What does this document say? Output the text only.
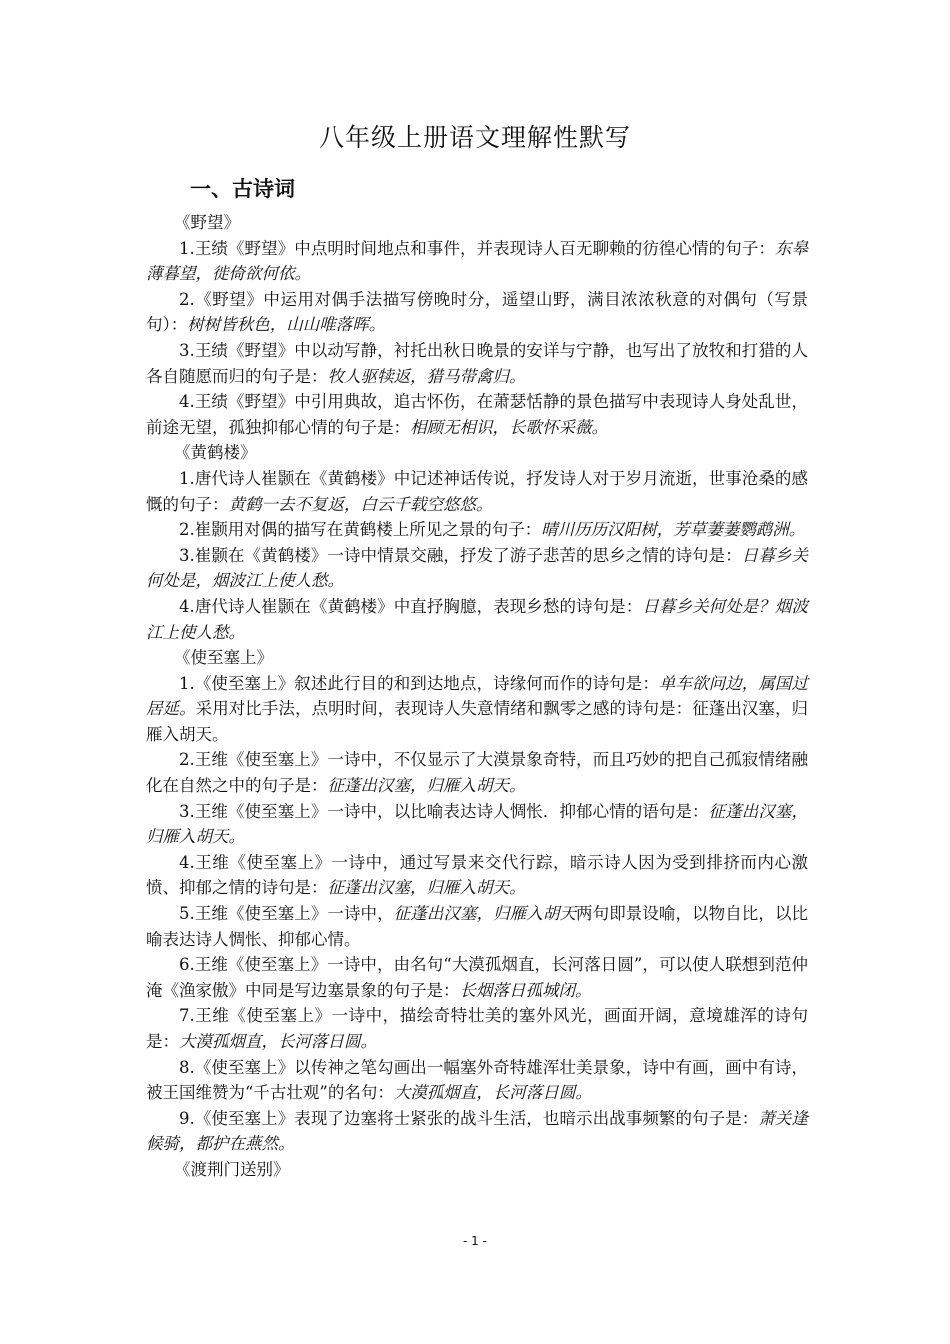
八年级上册语文理解性默写
一、古诗词
《野望》
1.王绩《野望》中点明时间地点和事件，并表现诗人百无聊赖的彷徨心情的句子：东皋薄暮望，徙倚欲何依。
2.《野望》中运用对偶手法描写傍晚时分，遥望山野，满目浓浓秋意的对偶句（写景句）：树树皆秋色，山山唯落晖。
3.王绩《野望》中以动写静，衬托出秋日晚景的安详与宁静，也写出了放牧和打猎的人各自随愿而归的句子是：牧人驱犊返，猎马带禽归。
4.王绩《野望》中引用典故，追古怀伤，在萧瑟恬静的景色描写中表现诗人身处乱世，前途无望，孤独抑郁心情的句子是：相顾无相识，长歌怀采薇。
《黄鹤楼》
1.唐代诗人崔颢在《黄鹤楼》中记述神话传说，抒发诗人对于岁月流逝，世事沧桑的感慨的句子：黄鹤一去不复返，白云千载空悠悠。
2.崔颢用对偶的描写在黄鹤楼上所见之景的句子：晴川历历汉阳树，芳草萋萋鹦鹉洲。
3.崔颢在《黄鹤楼》一诗中情景交融，抒发了游子悲苦的思乡之情的诗句是：日暮乡关何处是，烟波江上使人愁。
4.唐代诗人崔颢在《黄鹤楼》中直抒胸臆，表现乡愁的诗句是：日暮乡关何处是？烟波江上使人愁。
《使至塞上》
1.《使至塞上》叙述此行目的和到达地点，诗缘何而作的诗句是：单车欲问边，属国过居延。采用对比手法，点明时间，表现诗人失意情绪和飘零之感的诗句是：征蓬出汉塞，归雁入胡天。
2.王维《使至塞上》一诗中，不仅显示了大漠景象奇特，而且巧妙的把自己孤寂情绪融化在自然之中的句子是：征蓬出汉塞，归雁入胡天。
3.王维《使至塞上》一诗中，以比喻表达诗人惆怅．抑郁心情的语句是：征蓬出汉塞，归雁入胡天。
4.王维《使至塞上》一诗中，通过写景来交代行踪，暗示诗人因为受到排挤而内心激愤、抑郁之情的诗句是：征蓬出汉塞，归雁入胡天。
5.王维《使至塞上》一诗中，征蓬出汉塞，归雁入胡天两句即景设喻，以物自比，以比喻表达诗人惆怅、抑郁心情。
6.王维《使至塞上》一诗中，由名句“大漠孤烟直，长河落日圆”，可以使人联想到范仲淹《渔家傲》中同是写边塞景象的句子是：长烟落日孤城闭。
7.王维《使至塞上》一诗中，描绘奇特壮美的塞外风光，画面开阔，意境雄浑的诗句是：大漠孤烟直，长河落日圆。
8.《使至塞上》以传神之笔勾画出一幅塞外奇特雄浑壮美景象，诗中有画，画中有诗，被王国维赞为“千古壮观”的名句：大漠孤烟直，长河落日圆。
9.《使至塞上》表现了边塞将士紧张的战斗生活，也暗示出战事频繁的句子是：萧关逢候骑，都护在燕然。
《渡荆门送别》
- 1 -
